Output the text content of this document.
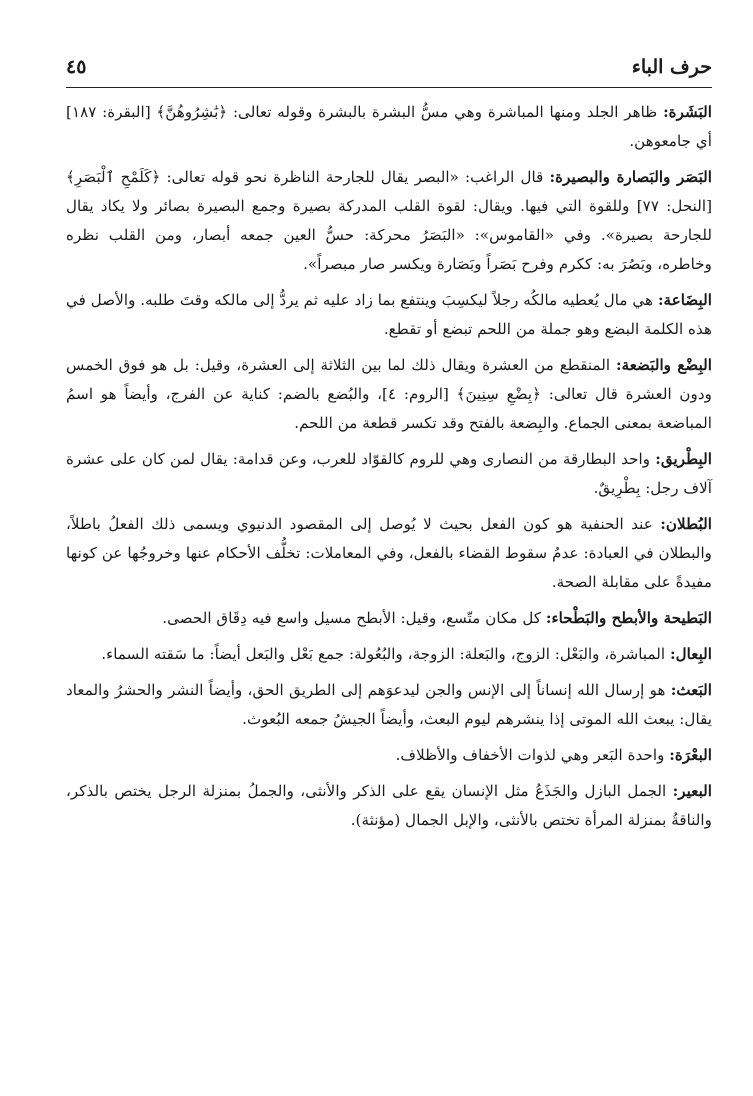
حرف الباء
٤٥

البَشَرة: ظاهر الجلد ومنها المباشرة وهي مسُّ البشرة بالبشرة وقوله تعالى: ﴿بَٰشِرُوهُنَّ﴾ [البقرة: ١٨٧] أي جامعوهن.

البَصَر والبَصارة والبصيرة: قال الراغب: «البصر يقال للجارحة الناظرة نحو قوله تعالى: ﴿كَلَمْحِ ٱلْبَصَرِ﴾ [النحل: ٧٧] وللقوة التي فيها. ويقال: لقوة القلب المدركة بصيرة وجمع البصيرة بصائر ولا يكاد يقال للجارحة بصيرة». وفي «القاموس»: «البَصَرُ محركة: حسُّ العين جمعه أبصار، ومن القلب نظره وخاطره، وبَصُرَ به: ككرم وفرح بَصَراً وبَصَارة ويكسر صار مبصراً».

البِضَاعة: هي مال يُعطيه مالكُه رجلاً ليكسِبَ وينتفع بما زاد عليه ثم يردُّ إلى مالكه وقتَ طلبه. والأصل في هذه الكلمة البضع وهو جملة من اللحم تبضع أو تقطع.

البِضْع والبَضعة: المنقطع من العشرة ويقال ذلك لما بين الثلاثة إلى العشرة، وقيل: بل هو فوق الخمس ودون العشرة قال تعالى: ﴿بِضْعِ سِنِينَ﴾ [الروم: ٤]، والبُضع بالضم: كناية عن الفرج، وأيضاً هو اسمُ المباضعة بمعنى الجماع. والبِضعة بالفتح وقد تكسر قطعة من اللحم.

البِطْريق: واحد البطارقة من النصارى وهي للروم كالقوّاد للعرب، وعن قدامة: يقال لمن كان على عشرة آلاف رجل: بِطْرِيقٌ.

البُطلان: عند الحنفية هو كون الفعل بحيث لا يُوصل إلى المقصود الدنيوي ويسمى ذلك الفعلُ باطلاً، والبطلان في العبادة: عدمُ سقوط القضاء بالفعل، وفي المعاملات: تخلُّف الأحكام عنها وخروجُها عن كونها مفيدةً على مقابلة الصحة.

البَطيحة والأبطح والبَطْحاء: كل مكان متّسع، وقيل: الأبطح مسيل واسع فيه دِقَاق الحصى.

البِعال: المباشرة، والبَعْل: الزوج، والبَعلة: الزوجة، والبُعُولة: جمع بَعْل والبَعل أيضاً: ما سَقته السماء.

البَعث: هو إرسال الله إنساناً إلى الإنس والجن ليدعوَهم إلى الطريق الحق، وأيضاً النشر والحشرُ والمعاد يقال: يبعث الله الموتى إذا ينشرهم ليوم البعث، وأيضاً الجيشُ جمعه البُعوث.

البعْرَة: واحدة البَعر وهي لذوات الأخفاف والأظلاف.

البعير: الجمل البازل والجَذَعُ مثل الإنسان يقع على الذكر والأنثى، والجملُ بمنزلة الرجل يختص بالذكر، والناقةُ بمنزلة المرأة تختص بالأنثى، والإبل الجمال (مؤنثة).
